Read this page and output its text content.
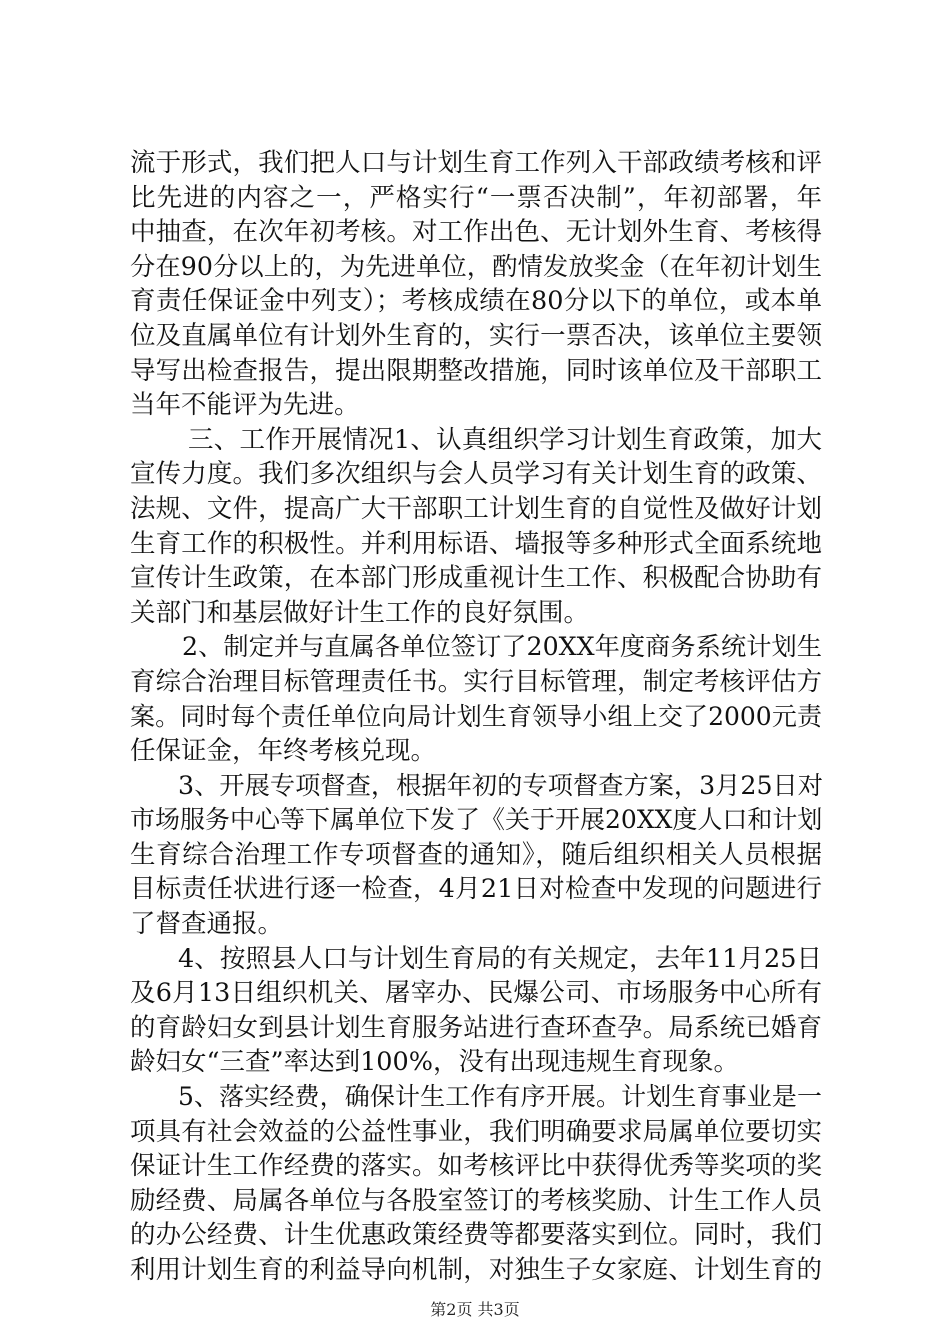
流于形式，我们把人口与计划生育工作列入干部政绩考核和评
比先进的内容之一，严格实行“一票否决制”，年初部署，年
中抽查，在次年初考核。对工作出色、无计划外生育、考核得
分在90分以上的，为先进单位，酌情发放奖金（在年初计划生
育责任保证金中列支）；考核成绩在80分以下的单位，或本单
位及直属单位有计划外生育的，实行一票否决，该单位主要领
导写出检查报告，提出限期整改措施，同时该单位及干部职工
当年不能评为先进。
三、工作开展情况1、认真组织学习计划生育政策，加大
宣传力度。我们多次组织与会人员学习有关计划生育的政策、
法规、文件，提高广大干部职工计划生育的自觉性及做好计划
生育工作的积极性。并利用标语、墙报等多种形式全面系统地
宣传计生政策，在本部门形成重视计生工作、积极配合协助有
关部门和基层做好计生工作的良好氛围。
2、制定并与直属各单位签订了20XX年度商务系统计划生
育综合治理目标管理责任书。实行目标管理，制定考核评估方
案。同时每个责任单位向局计划生育领导小组上交了2000元责
任保证金，年终考核兑现。
3、开展专项督查，根据年初的专项督查方案，3月25日对
市场服务中心等下属单位下发了《关于开展20XX度人口和计划
生育综合治理工作专项督查的通知》，随后组织相关人员根据
目标责任状进行逐一检查，4月21日对检查中发现的问题进行
了督查通报。
4、按照县人口与计划生育局的有关规定，去年11月25日
及6月13日组织机关、屠宰办、民爆公司、市场服务中心所有
的育龄妇女到县计划生育服务站进行查环查孕。局系统已婚育
龄妇女“三查”率达到100%，没有出现违规生育现象。
5、落实经费，确保计生工作有序开展。计划生育事业是一
项具有社会效益的公益性事业，我们明确要求局属单位要切实
保证计生工作经费的落实。如考核评比中获得优秀等奖项的奖
励经费、局属各单位与各股室签订的考核奖励、计生工作人员
的办公经费、计生优惠政策经费等都要落实到位。同时，我们
利用计划生育的利益导向机制，对独生子女家庭、计划生育的
第2页 共3页
